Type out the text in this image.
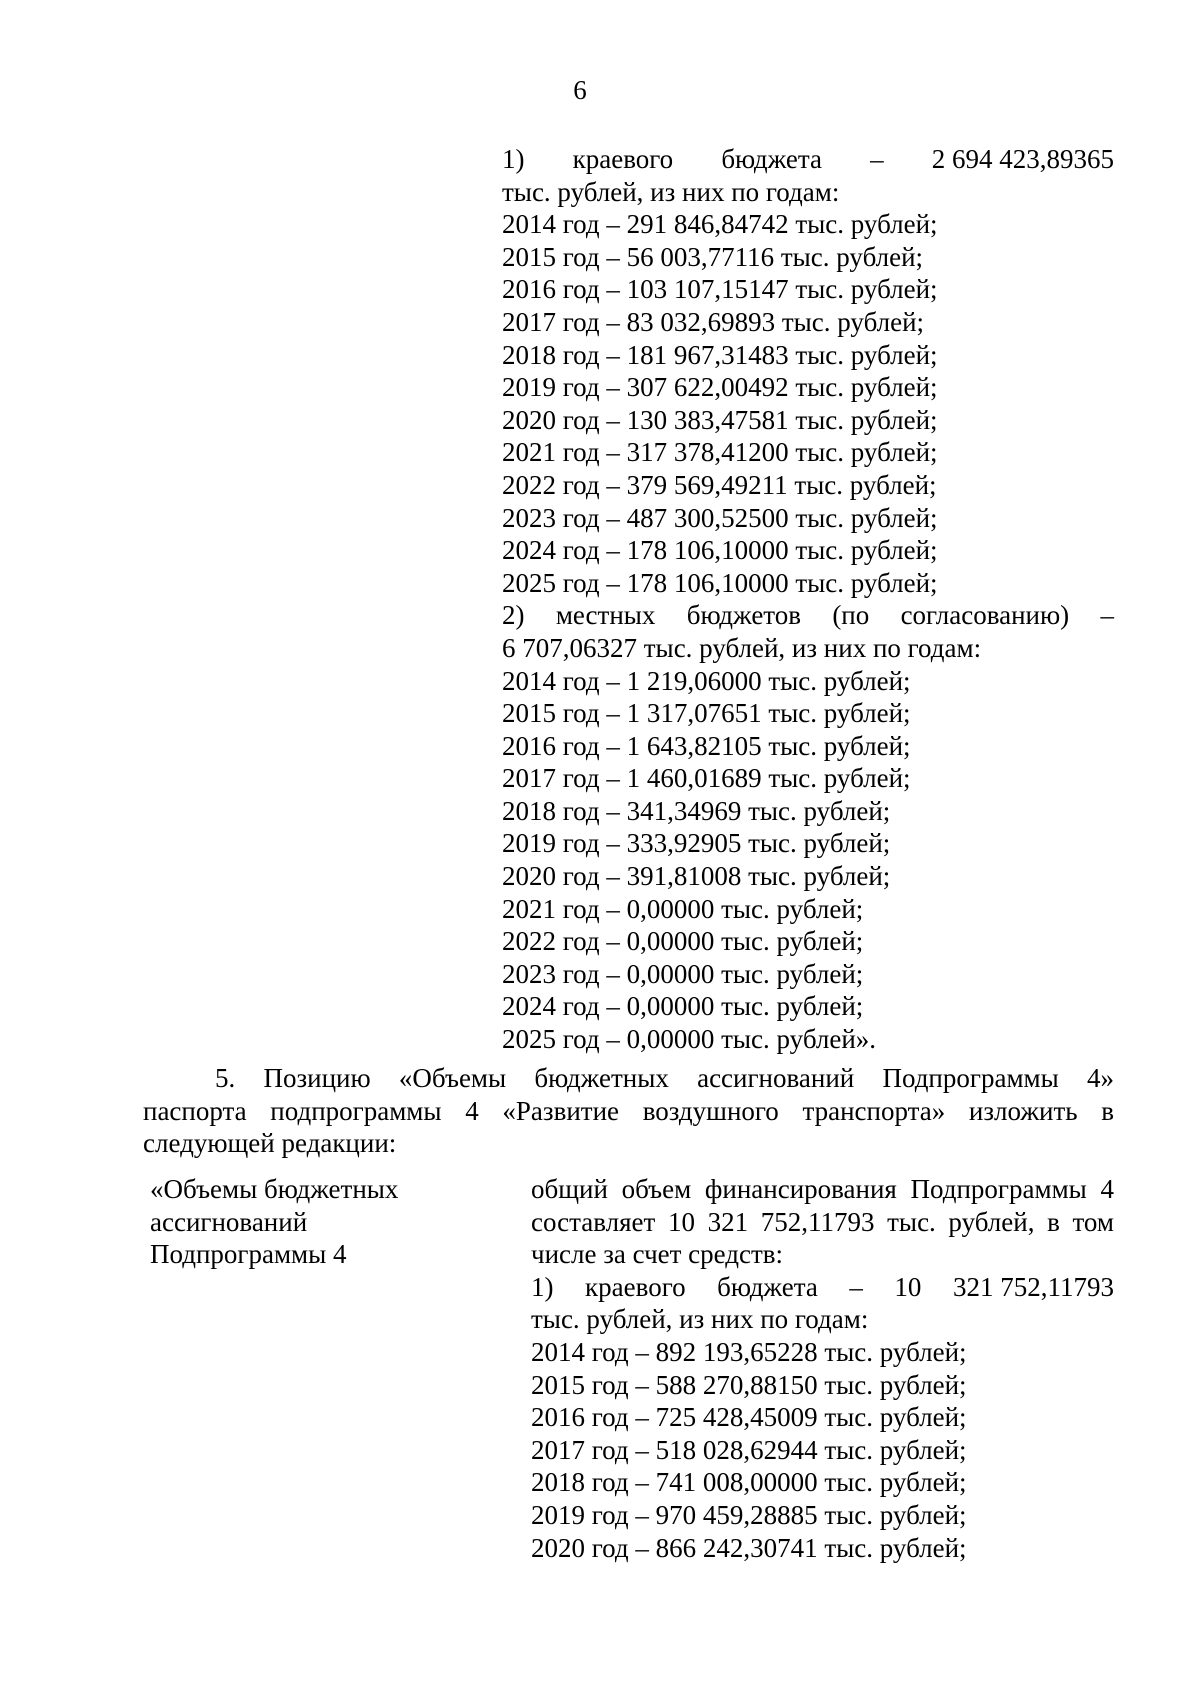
6
1) краевого бюджета – 2 694 423,89365
тыс. рублей, из них по годам:
2014 год – 291 846,84742 тыс. рублей;
2015 год – 56 003,77116 тыс. рублей;
2016 год – 103 107,15147 тыс. рублей;
2017 год – 83 032,69893 тыс. рублей;
2018 год – 181 967,31483 тыс. рублей;
2019 год – 307 622,00492 тыс. рублей;
2020 год – 130 383,47581 тыс. рублей;
2021 год – 317 378,41200 тыс. рублей;
2022 год – 379 569,49211 тыс. рублей;
2023 год – 487 300,52500 тыс. рублей;
2024 год – 178 106,10000 тыс. рублей;
2025 год – 178 106,10000 тыс. рублей;
2) местных бюджетов (по согласованию) –
6 707,06327 тыс. рублей, из них по годам:
2014 год – 1 219,06000 тыс. рублей;
2015 год – 1 317,07651 тыс. рублей;
2016 год – 1 643,82105 тыс. рублей;
2017 год – 1 460,01689 тыс. рублей;
2018 год – 341,34969 тыс. рублей;
2019 год – 333,92905 тыс. рублей;
2020 год – 391,81008 тыс. рублей;
2021 год – 0,00000 тыс. рублей;
2022 год – 0,00000 тыс. рублей;
2023 год – 0,00000 тыс. рублей;
2024 год – 0,00000 тыс. рублей;
2025 год – 0,00000 тыс. рублей».
5. Позицию «Объемы бюджетных ассигнований Подпрограммы 4»
паспорта подпрограммы 4 «Развитие воздушного транспорта» изложить в
следующей редакции:
«Объемы бюджетных
ассигнований
Подпрограммы 4
общий объем финансирования Подпрограммы 4
составляет 10 321 752,11793 тыс. рублей, в том
числе за счет средств:
1) краевого бюджета – 10 321 752,11793
тыс. рублей, из них по годам:
2014 год – 892 193,65228 тыс. рублей;
2015 год – 588 270,88150 тыс. рублей;
2016 год – 725 428,45009 тыс. рублей;
2017 год – 518 028,62944 тыс. рублей;
2018 год – 741 008,00000 тыс. рублей;
2019 год – 970 459,28885 тыс. рублей;
2020 год – 866 242,30741 тыс. рублей;
